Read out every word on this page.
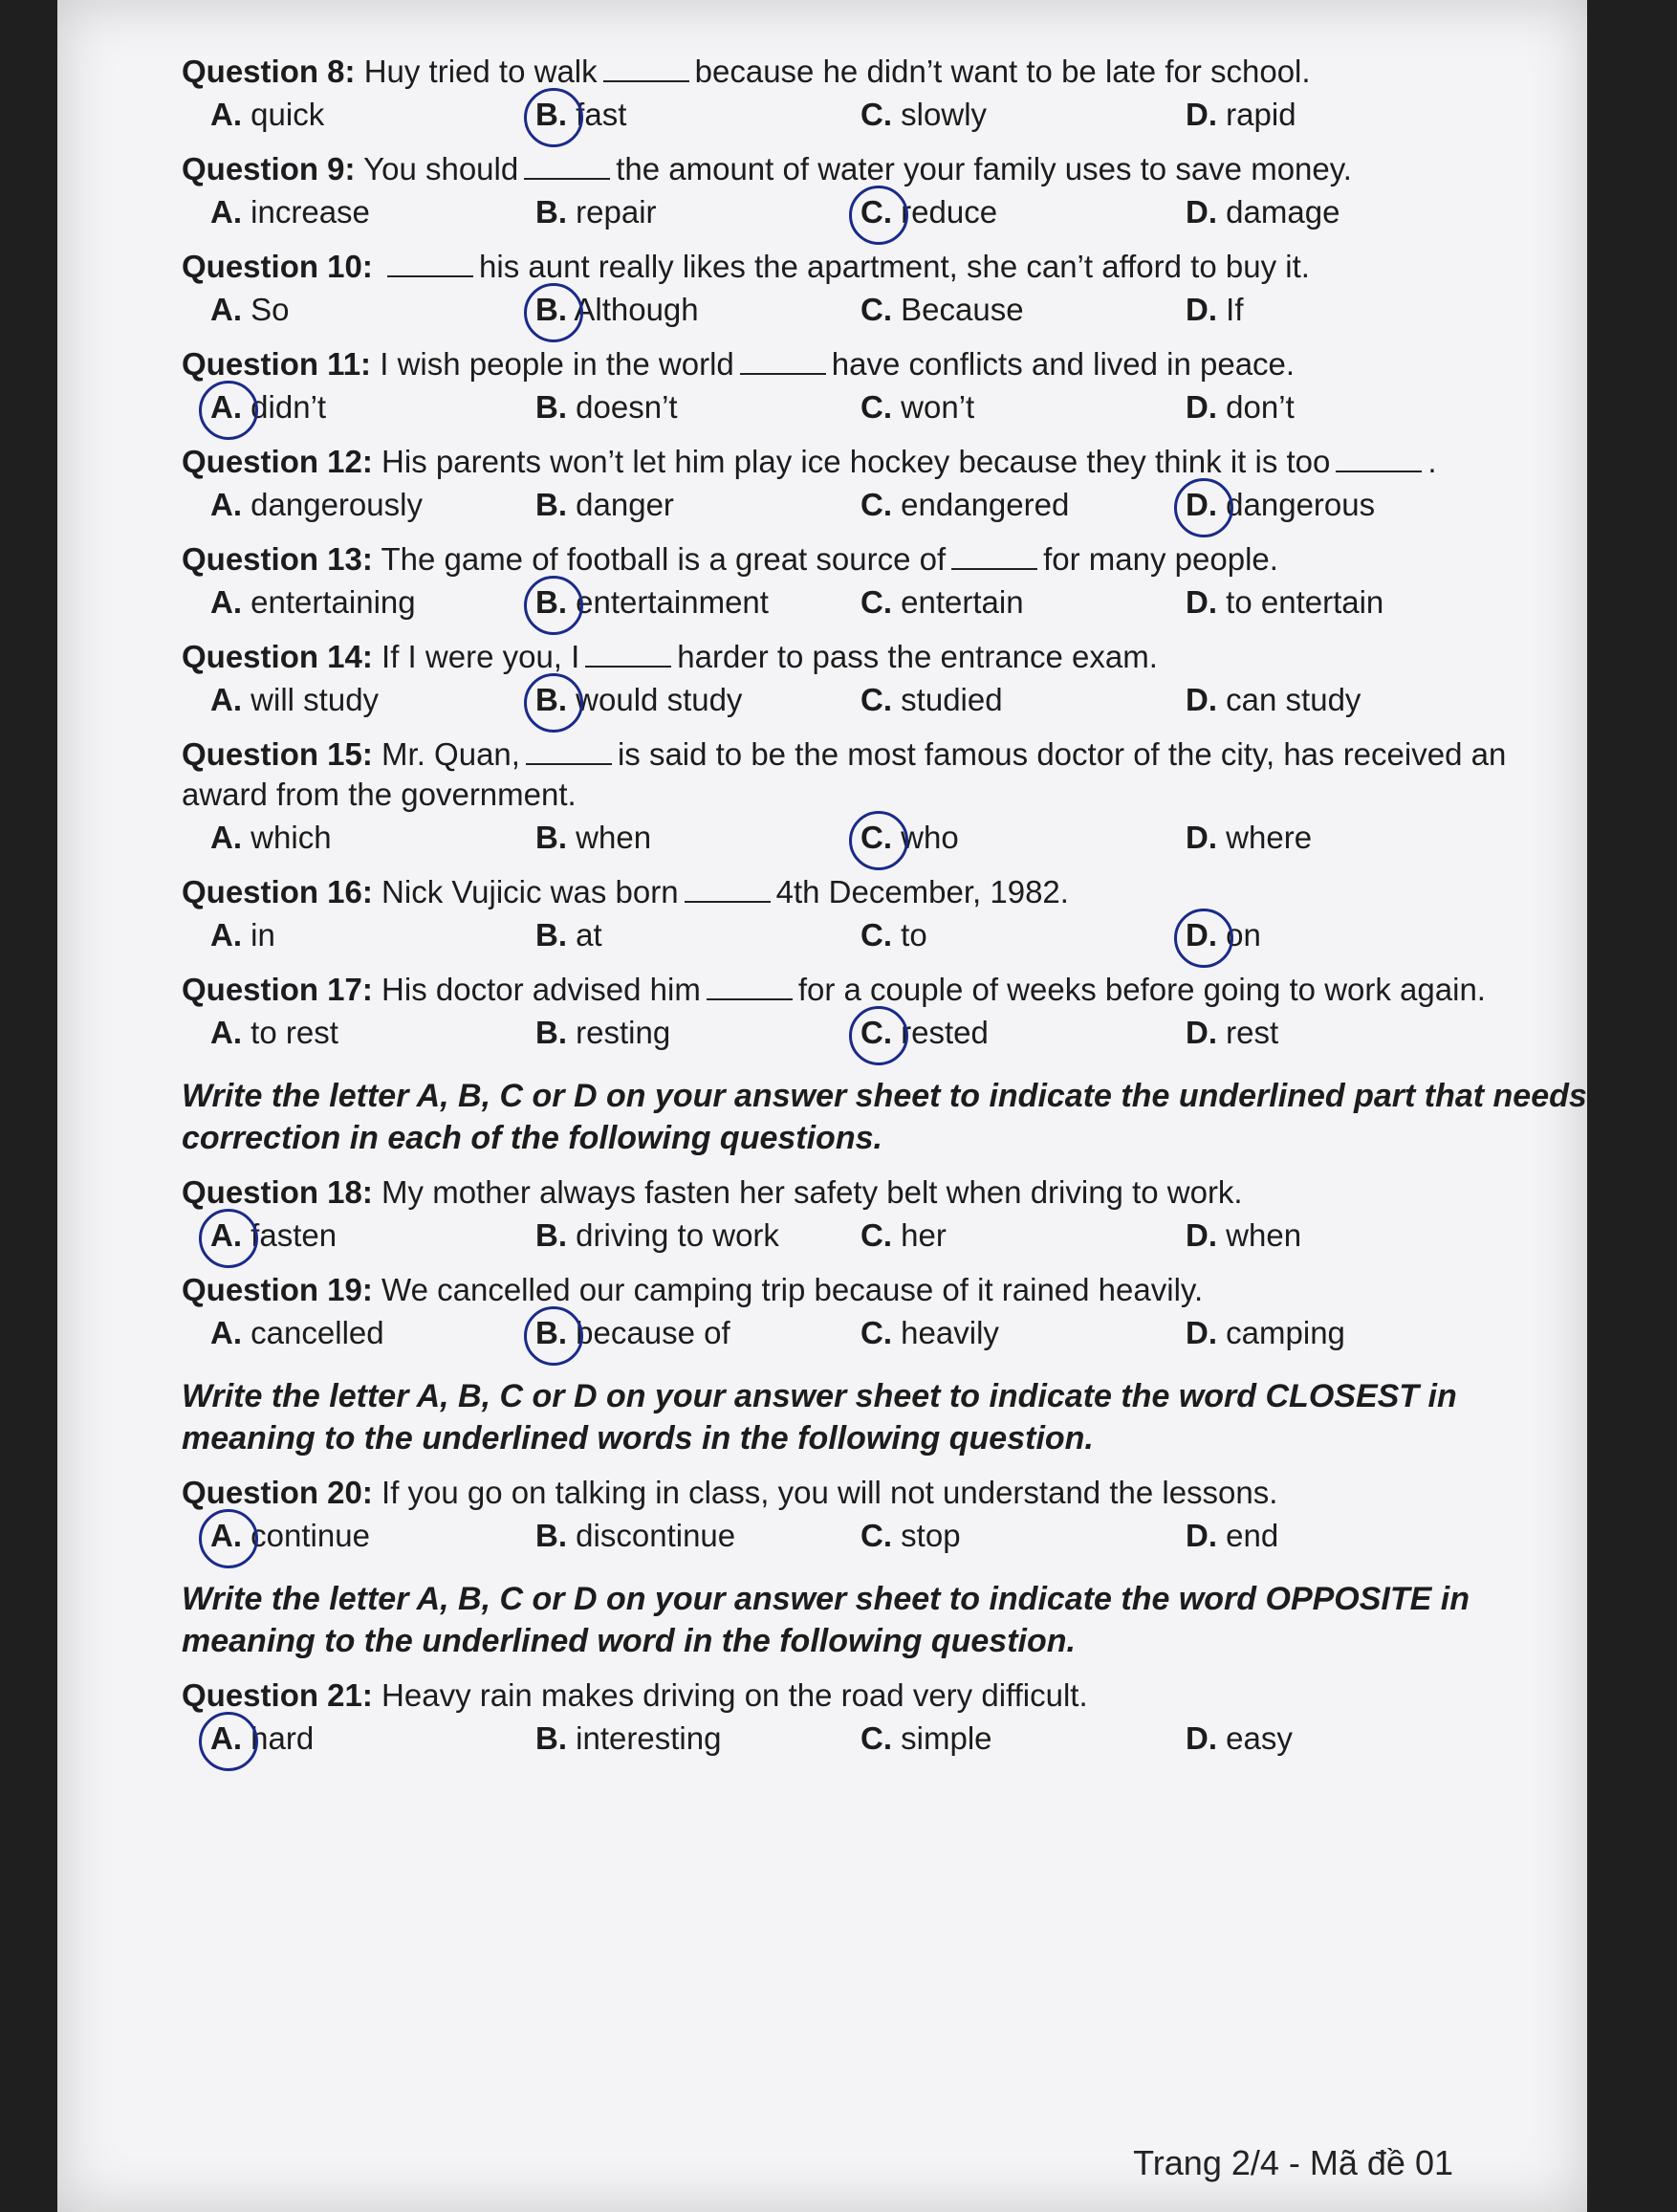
Question 8: Huy tried to walk	because he didn’t want to be late for school.
A. quick	B. fast	C. slowly	D. rapid
Question 9: You should	the amount of water your family uses to save money.
A. increase	B. repair	C. reduce	D. damage
Question 10:	his aunt really likes the apartment, she can’t afford to buy it.
A. So	B. Although	C. Because	D. If
Question 11: I wish people in the world	have conflicts and lived in peace.
A. didn’t	B. doesn’t	C. won’t	D. don’t
Question 12: His parents won’t let him play ice hockey because they think it is too	.
A. dangerously	B. danger	C. endangered	D. dangerous
Question 13: The game of football is a great source of	for many people.
A. entertaining	B. entertainment	C. entertain	D. to entertain
Question 14: If I were you, I	harder to pass the entrance exam.
A. will study	B. would study	C. studied	D. can study
Question 15: Mr. Quan,	is said to be the most famous doctor of the city, has received an award from the government.
A. which	B. when	C. who	D. where
Question 16: Nick Vujicic was born	4th December, 1982.
A. in	B. at	C. to	D. on
Question 17: His doctor advised him	for a couple of weeks before going to work again.
A. to rest	B. resting	C. rested	D. rest
Write the letter A, B, C or D on your answer sheet to indicate the underlined part that needs correction in each of the following questions.
Question 18: My mother always fasten her safety belt when driving to work.
A. fasten	B. driving to work	C. her	D. when
Question 19: We cancelled our camping trip because of it rained heavily.
A. cancelled	B. because of	C. heavily	D. camping
Write the letter A, B, C or D on your answer sheet to indicate the word CLOSEST in meaning to the underlined words in the following question.
Question 20: If you go on talking in class, you will not understand the lessons.
A. continue	B. discontinue	C. stop	D. end
Write the letter A, B, C or D on your answer sheet to indicate the word OPPOSITE in meaning to the underlined word in the following question.
Question 21: Heavy rain makes driving on the road very difficult.
A. hard	B. interesting	C. simple	D. easy
Trang 2/4 - Mã đề 01
